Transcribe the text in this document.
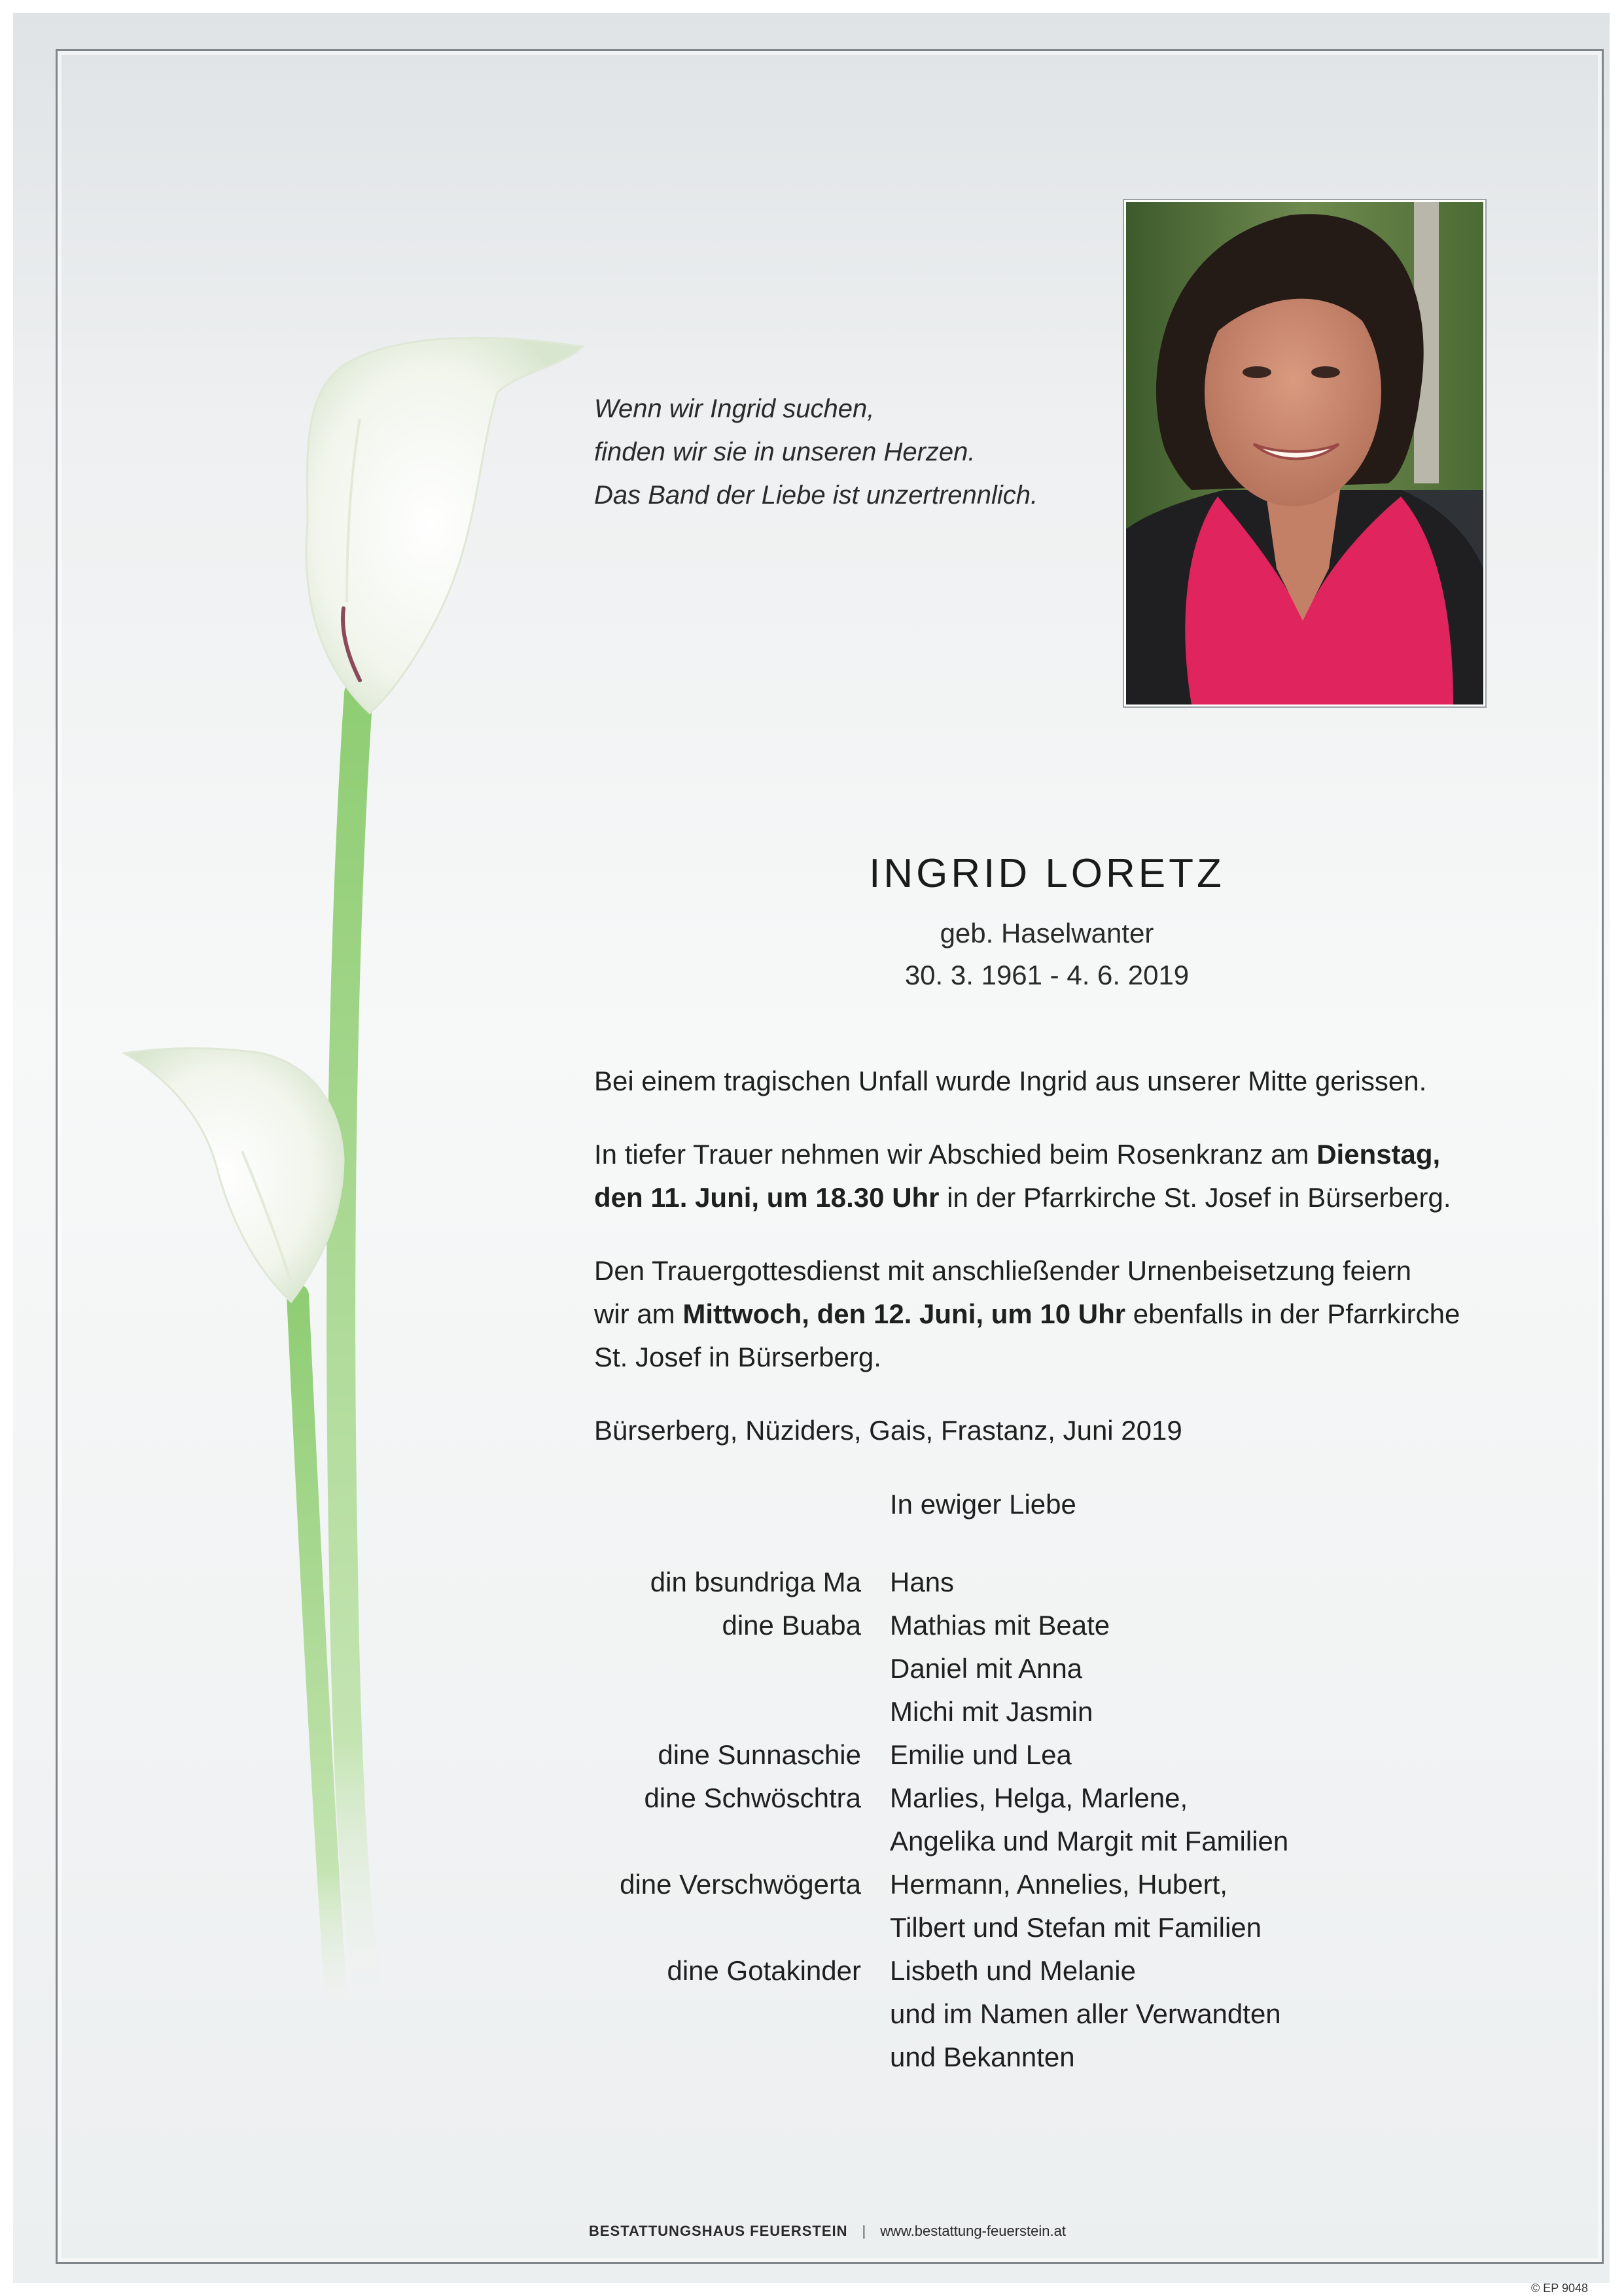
Wenn wir Ingrid suchen,
finden wir sie in unseren Herzen.
Das Band der Liebe ist unzertrennlich.
INGRID LORETZ
geb. Haselwanter
30. 3. 1961 - 4. 6. 2019

Bei einem tragischen Unfall wurde Ingrid aus unserer Mitte gerissen.

In tiefer Trauer nehmen wir Abschied beim Rosenkranz am Dienstag,
den 11. Juni, um 18.30 Uhr in der Pfarrkirche St. Josef in Bürserberg.

Den Trauergottesdienst mit anschließender Urnenbeisetzung feiern
wir am Mittwoch, den 12. Juni, um 10 Uhr ebenfalls in der Pfarrkirche
St. Josef in Bürserberg.

Bürserberg, Nüziders, Gais, Frastanz, Juni 2019

In ewiger Liebe
din bsundriga Ma Hans
dine Buaba Mathias mit Beate
Daniel mit Anna
Michi mit Jasmin
dine Sunnaschie Emilie und Lea
dine Schwöschtra Marlies, Helga, Marlene,
Angelika und Margit mit Familien
dine Verschwögerta Hermann, Annelies, Hubert,
Tilbert und Stefan mit Familien
dine Gotakinder Lisbeth und Melanie
und im Namen aller Verwandten
und Bekannten
BESTATTUNGSHAUS FEUERSTEIN | www.bestattung-feuerstein.at
© EP 9048
